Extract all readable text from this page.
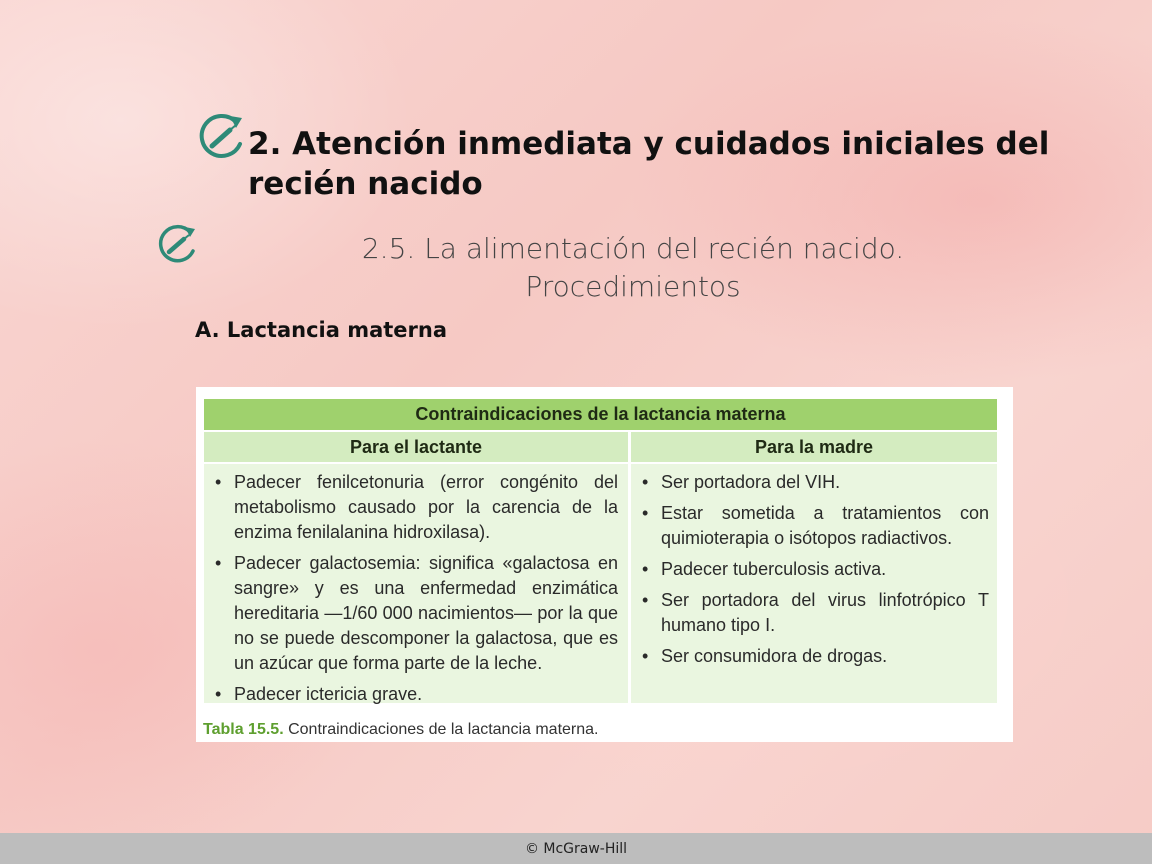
2. Atención inmediata y cuidados iniciales del
recién nacido
2.5. La alimentación del recién nacido.
Procedimientos
A. Lactancia materna
Contraindicaciones de la lactancia materna
Para el lactante	Para la madre
• Padecer fenilcetonuria (error congénito del metabolismo causado por la carencia de la enzima fenilalanina hidroxilasa).
• Padecer galactosemia: significa «galactosa en sangre» y es una enfermedad enzimática hereditaria —1/60 000 nacimientos— por la que no se puede descomponer la galactosa, que es un azúcar que forma parte de la leche.
• Padecer ictericia grave.
• Ser portadora del VIH.
• Estar sometida a tratamientos con quimioterapia o isótopos radiactivos.
• Padecer tuberculosis activa.
• Ser portadora del virus linfotrópico T humano tipo I.
• Ser consumidora de drogas.
Tabla 15.5. Contraindicaciones de la lactancia materna.
© McGraw-Hill
